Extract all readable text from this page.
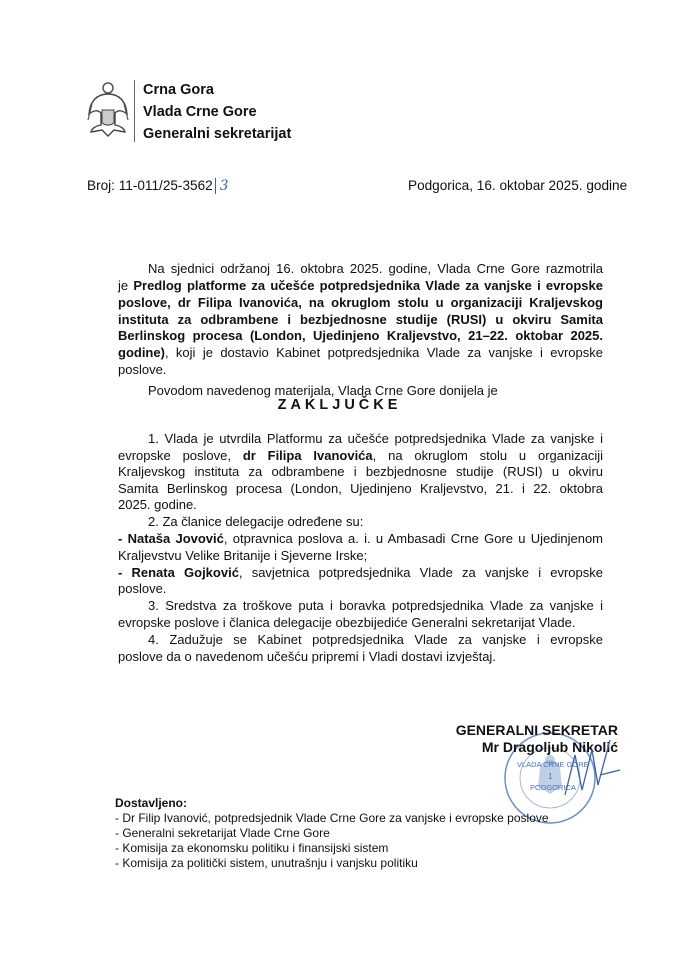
Crna Gora
Vlada Crne Gore
Generalni sekretarijat
Broj: 11-011/25-3562 3	Podgorica, 16. oktobar 2025. godine
Na sjednici održanoj 16. oktobra 2025. godine, Vlada Crne Gore razmotrila
je Predlog platforme za učešće potpredsjednika Vlade za vanjske i evropske
poslove, dr Filipa Ivanovića, na okruglom stolu u organizaciji Kraljevskog
instituta za odbrambene i bezbjednosne studije (RUSI) u okviru Samita
Berlinskog procesa (London, Ujedinjeno Kraljevstvo, 21–22. oktobar 2025.
godine), koji je dostavio Kabinet potpredsjednika Vlade za vanjske i evropske
poslove.
Povodom navedenog materijala, Vlada Crne Gore donijela je
1. Vlada je utvrdila Platformu za učešće potpredsjednika Vlade za vanjske i
evropske poslove, dr Filipa Ivanovića, na okruglom stolu u organizaciji
Kraljevskog instituta za odbrambene i bezbjednosne studije (RUSI) u okviru
Samita Berlinskog procesa (London, Ujedinjeno Kraljevstvo, 21. i 22. oktobra
2025. godine.
2. Za članice delegacije određene su:
- Nataša Jovović, otpravnica poslova a. i. u Ambasadi Crne Gore u Ujedinjenom
Kraljevstvu Velike Britanije i Sjeverne Irske;
- Renata Gojković, savjetnica potpredsjednika Vlade za vanjske i evropske
poslove.
3. Sredstva za troškove puta i boravka potpredsjednika Vlade za vanjske i
evropske poslove i članica delegacije obezbijediće Generalni sekretarijat Vlade.
4. Zadužuje se Kabinet potpredsjednika Vlade za vanjske i evropske
poslove da o navedenom učešću pripremi i Vladi dostavi izvještaj.
ZAKLJUČKE
VLADA CRNE GORE
1
PODGORICA
GENERALNI SEKRETAR
Mr Dragoljub Nikolić
Dostavljeno:
- Dr Filip Ivanović, potpredsjednik Vlade Crne Gore za vanjske i evropske poslove
- Generalni sekretarijat Vlade Crne Gore
- Komisija za ekonomsku politiku i finansijski sistem
- Komisija za politički sistem, unutrašnju i vanjsku politiku
